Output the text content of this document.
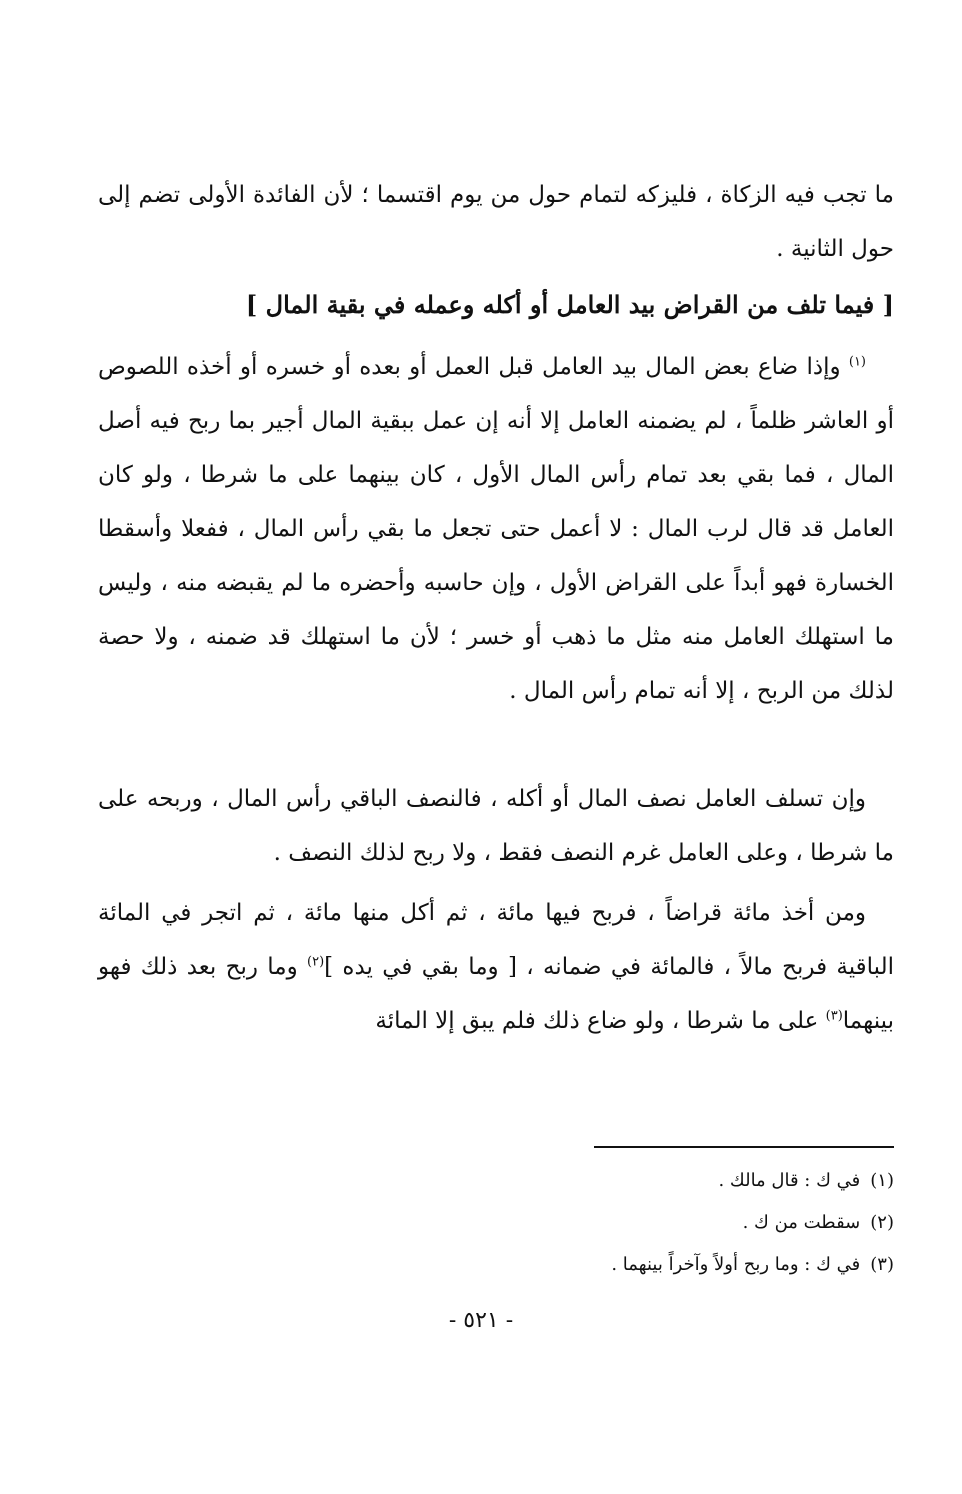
ما تجب فيه الزكاة ، فليزكه لتمام حول من يوم اقتسما ؛ لأن الفائدة الأولى تضم إلى حول الثانية .
[ فيما تلف من القراض بيد العامل أو أكله وعمله في بقية المال ]
$^{(١)}$ وإذا ضاع بعض المال بيد العامل قبل العمل أو بعده أو خسره أو أخذه اللصوص أو العاشر ظلماً ، لم يضمنه العامل إلا أنه إن عمل ببقية المال أجير بما ربح فيه أصل المال ، فما بقي بعد تمام رأس المال الأول ، كان بينهما على ما شرطا ، ولو كان العامل قد قال لرب المال : لا أعمل حتى تجعل ما بقي رأس المال ، ففعلا وأسقطا الخسارة فهو أبداً على القراض الأول ، وإن حاسبه وأحضره ما لم يقبضه منه ، وليس ما استهلك العامل منه مثل ما ذهب أو خسر ؛ لأن ما استهلك قد ضمنه ، ولا حصة لذلك من الربح ، إلا أنه تمام رأس المال .
وإن تسلف العامل نصف المال أو أكله ، فالنصف الباقي رأس المال ، وربحه على ما شرطا ، وعلى العامل غرم النصف فقط ، ولا ربح لذلك النصف .
ومن أخذ مائة قراضاً ، فربح فيها مائة ، ثم أكل منها مائة ، ثم اتجر في المائة الباقية فربح مالاً ، فالمائة في ضمانه ، [ وما بقي في يده ]$^{(٢)}$ وما ربح بعد ذلك فهو بينهما$^{(٣)}$ على ما شرطا ، ولو ضاع ذلك فلم يبق إلا المائة
(١)في ك : قال مالك .
(٢)سقطت من ك .
(٣)في ك : وما ربح أولاً وآخراً بينهما .
- ٥٢١ -
